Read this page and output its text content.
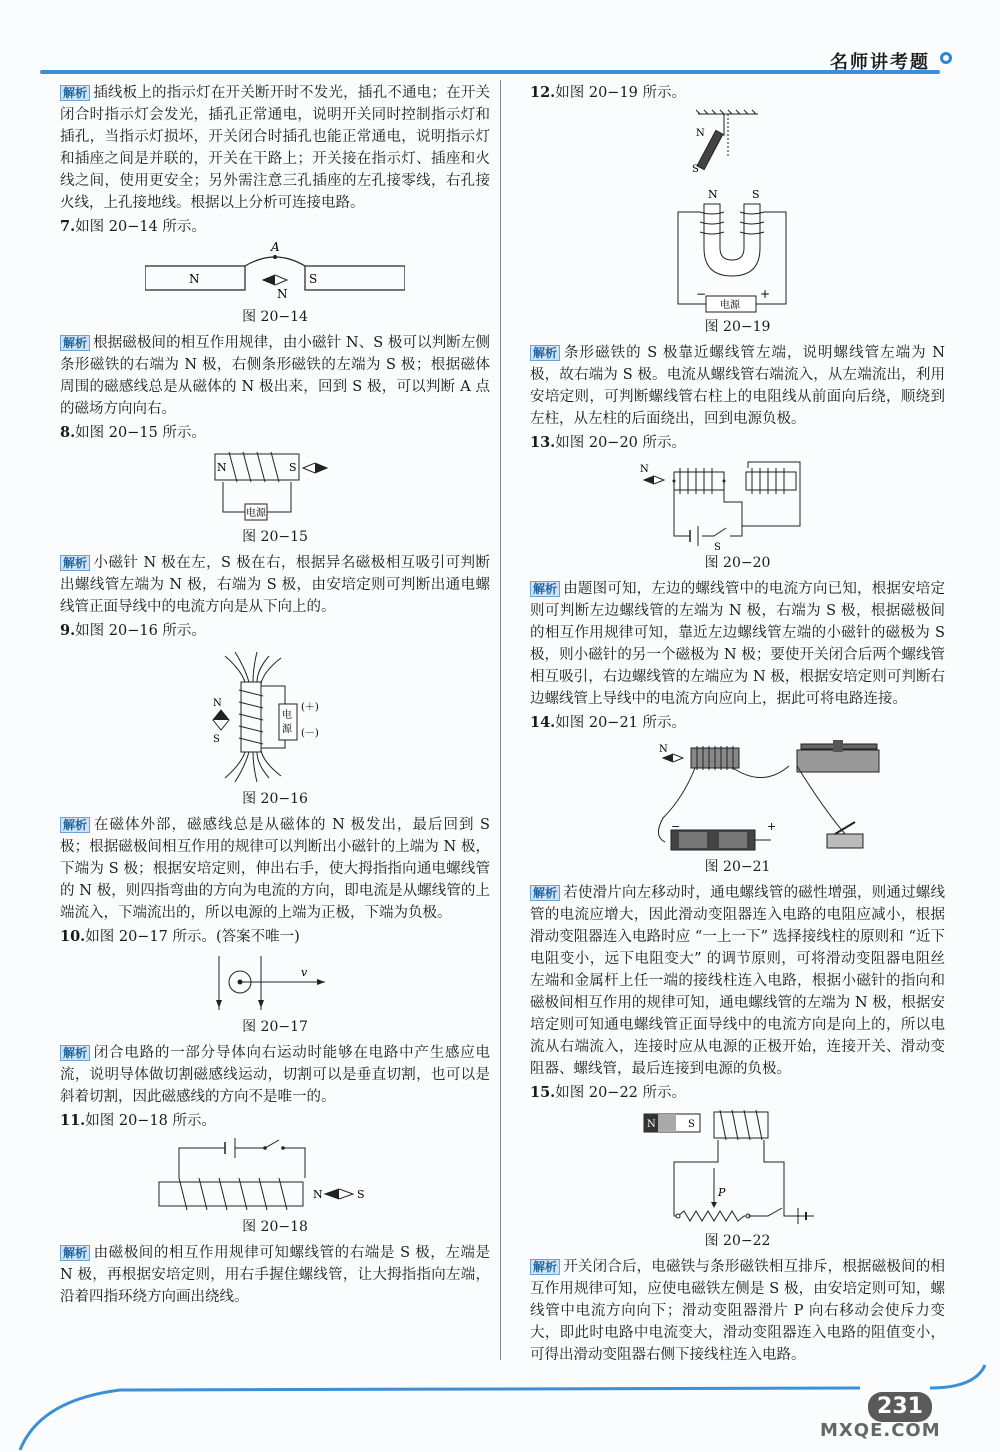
名师讲考题

解析 插线板上的指示灯在开关断开时不发光，插孔不通电；在开关闭合时指示灯会发光，插孔正常通电，说明开关同时控制指示灯和插孔，当指示灯损坏，开关闭合时插孔也能正常通电，说明指示灯和插座之间是并联的，开关在干路上；开关接在指示灯、插座和火线之间，使用更安全；另外需注意三孔插座的左孔接零线，右孔接火线，上孔接地线。根据以上分析可连接电路。

7.如图 20−14 所示。

A
N	S
N
图 20−14

解析 根据磁极间的相互作用规律，由小磁针 N、S 极可以判断左侧条形磁铁的右端为 N 极，右侧条形磁铁的左端为 S 极；根据磁体周围的磁感线总是从磁体的 N 极出来，回到 S 极，可以判断 A 点的磁场方向向右。

8.如图 20−15 所示。

N	S
电源
图 20−15

解析 小磁针 N 极在左，S 极在右，根据异名磁极相互吸引可判断出螺线管左端为 N 极，右端为 S 极，由安培定则可判断出通电螺线管正面导线中的电流方向是从下向上的。

9.如图 20−16 所示。

电
源
(＋)
(－)
N
S
图 20−16

解析 在磁体外部，磁感线总是从磁体的 N 极发出，最后回到 S 极；根据磁极间相互作用的规律可以判断出小磁针的上端为 N 极，下端为 S 极；根据安培定则，伸出右手，使大拇指指向通电螺线管的 N 极，则四指弯曲的方向为电流的方向，即电流是从螺线管的上端流入，下端流出的，所以电源的上端为正极，下端为负极。

10.如图 20−17 所示。(答案不唯一)

v
图 20−17

解析 闭合电路的一部分导体向右运动时能够在电路中产生感应电流，说明导体做切割磁感线运动，切割可以是垂直切割，也可以是斜着切割，因此磁感线的方向不是唯一的。

11.如图 20−18 所示。

N	S
图 20−18

解析 由磁极间的相互作用规律可知螺线管的右端是 S 极，左端是 N 极，再根据安培定则，用右手握住螺线管，让大拇指指向左端，沿着四指环绕方向画出绕线。

12.如图 20−19 所示。

N
S
N	S
电源
−	+
图 20−19

解析 条形磁铁的 S 极靠近螺线管左端，说明螺线管左端为 N 极，故右端为 S 极。电流从螺线管右端流入，从左端流出，利用安培定则，可判断螺线管右柱上的电阻线从前面向后绕，顺绕到左柱，从左柱的后面绕出，回到电源负极。

13.如图 20−20 所示。

N
S
图 20−20

解析 由题图可知，左边的螺线管中的电流方向已知，根据安培定则可判断左边螺线管的左端为 N 极，右端为 S 极，根据磁极间的相互作用规律可知，靠近左边螺线管左端的小磁针的磁极为 S 极，则小磁针的另一个磁极为 N 极；要使开关闭合后两个螺线管相互吸引，右边螺线管的左端应为 N 极，根据安培定则可判断右边螺线管上导线中的电流方向应向上，据此可将电路连接。

14.如图 20−21 所示。

N
−	+
图 20−21

解析 若使滑片向左移动时，通电螺线管的磁性增强，则通过螺线管的电流应增大，因此滑动变阻器连入电路的电阻应减小，根据滑动变阻器连入电路时应 “一上一下” 选择接线柱的原则和 “近下电阻变小，远下电阻变大” 的调节原则，可将滑动变阻器电阻丝左端和金属杆上任一端的接线柱连入电路，根据小磁针的指向和磁极间相互作用的规律可知，通电螺线管的左端为 N 极，根据安培定则可知通电螺线管正面导线中的电流方向是向上的，所以电流从右端流入，连接时应从电源的正极开始，连接开关、滑动变阻器、螺线管，最后连接到电源的负极。

15.如图 20−22 所示。

N	S
P
图 20−22

解析 开关闭合后，电磁铁与条形磁铁相互排斥，根据磁极间的相互作用规律可知，应使电磁铁左侧是 S 极，由安培定则可知，螺线管中电流方向向下；滑动变阻器滑片 P 向右移动会使斥力变大，即此时电路中电流变大，滑动变阻器连入电路的阻值变小，可得出滑动变阻器右侧下接线柱连入电路。

231
MXQE.COM
